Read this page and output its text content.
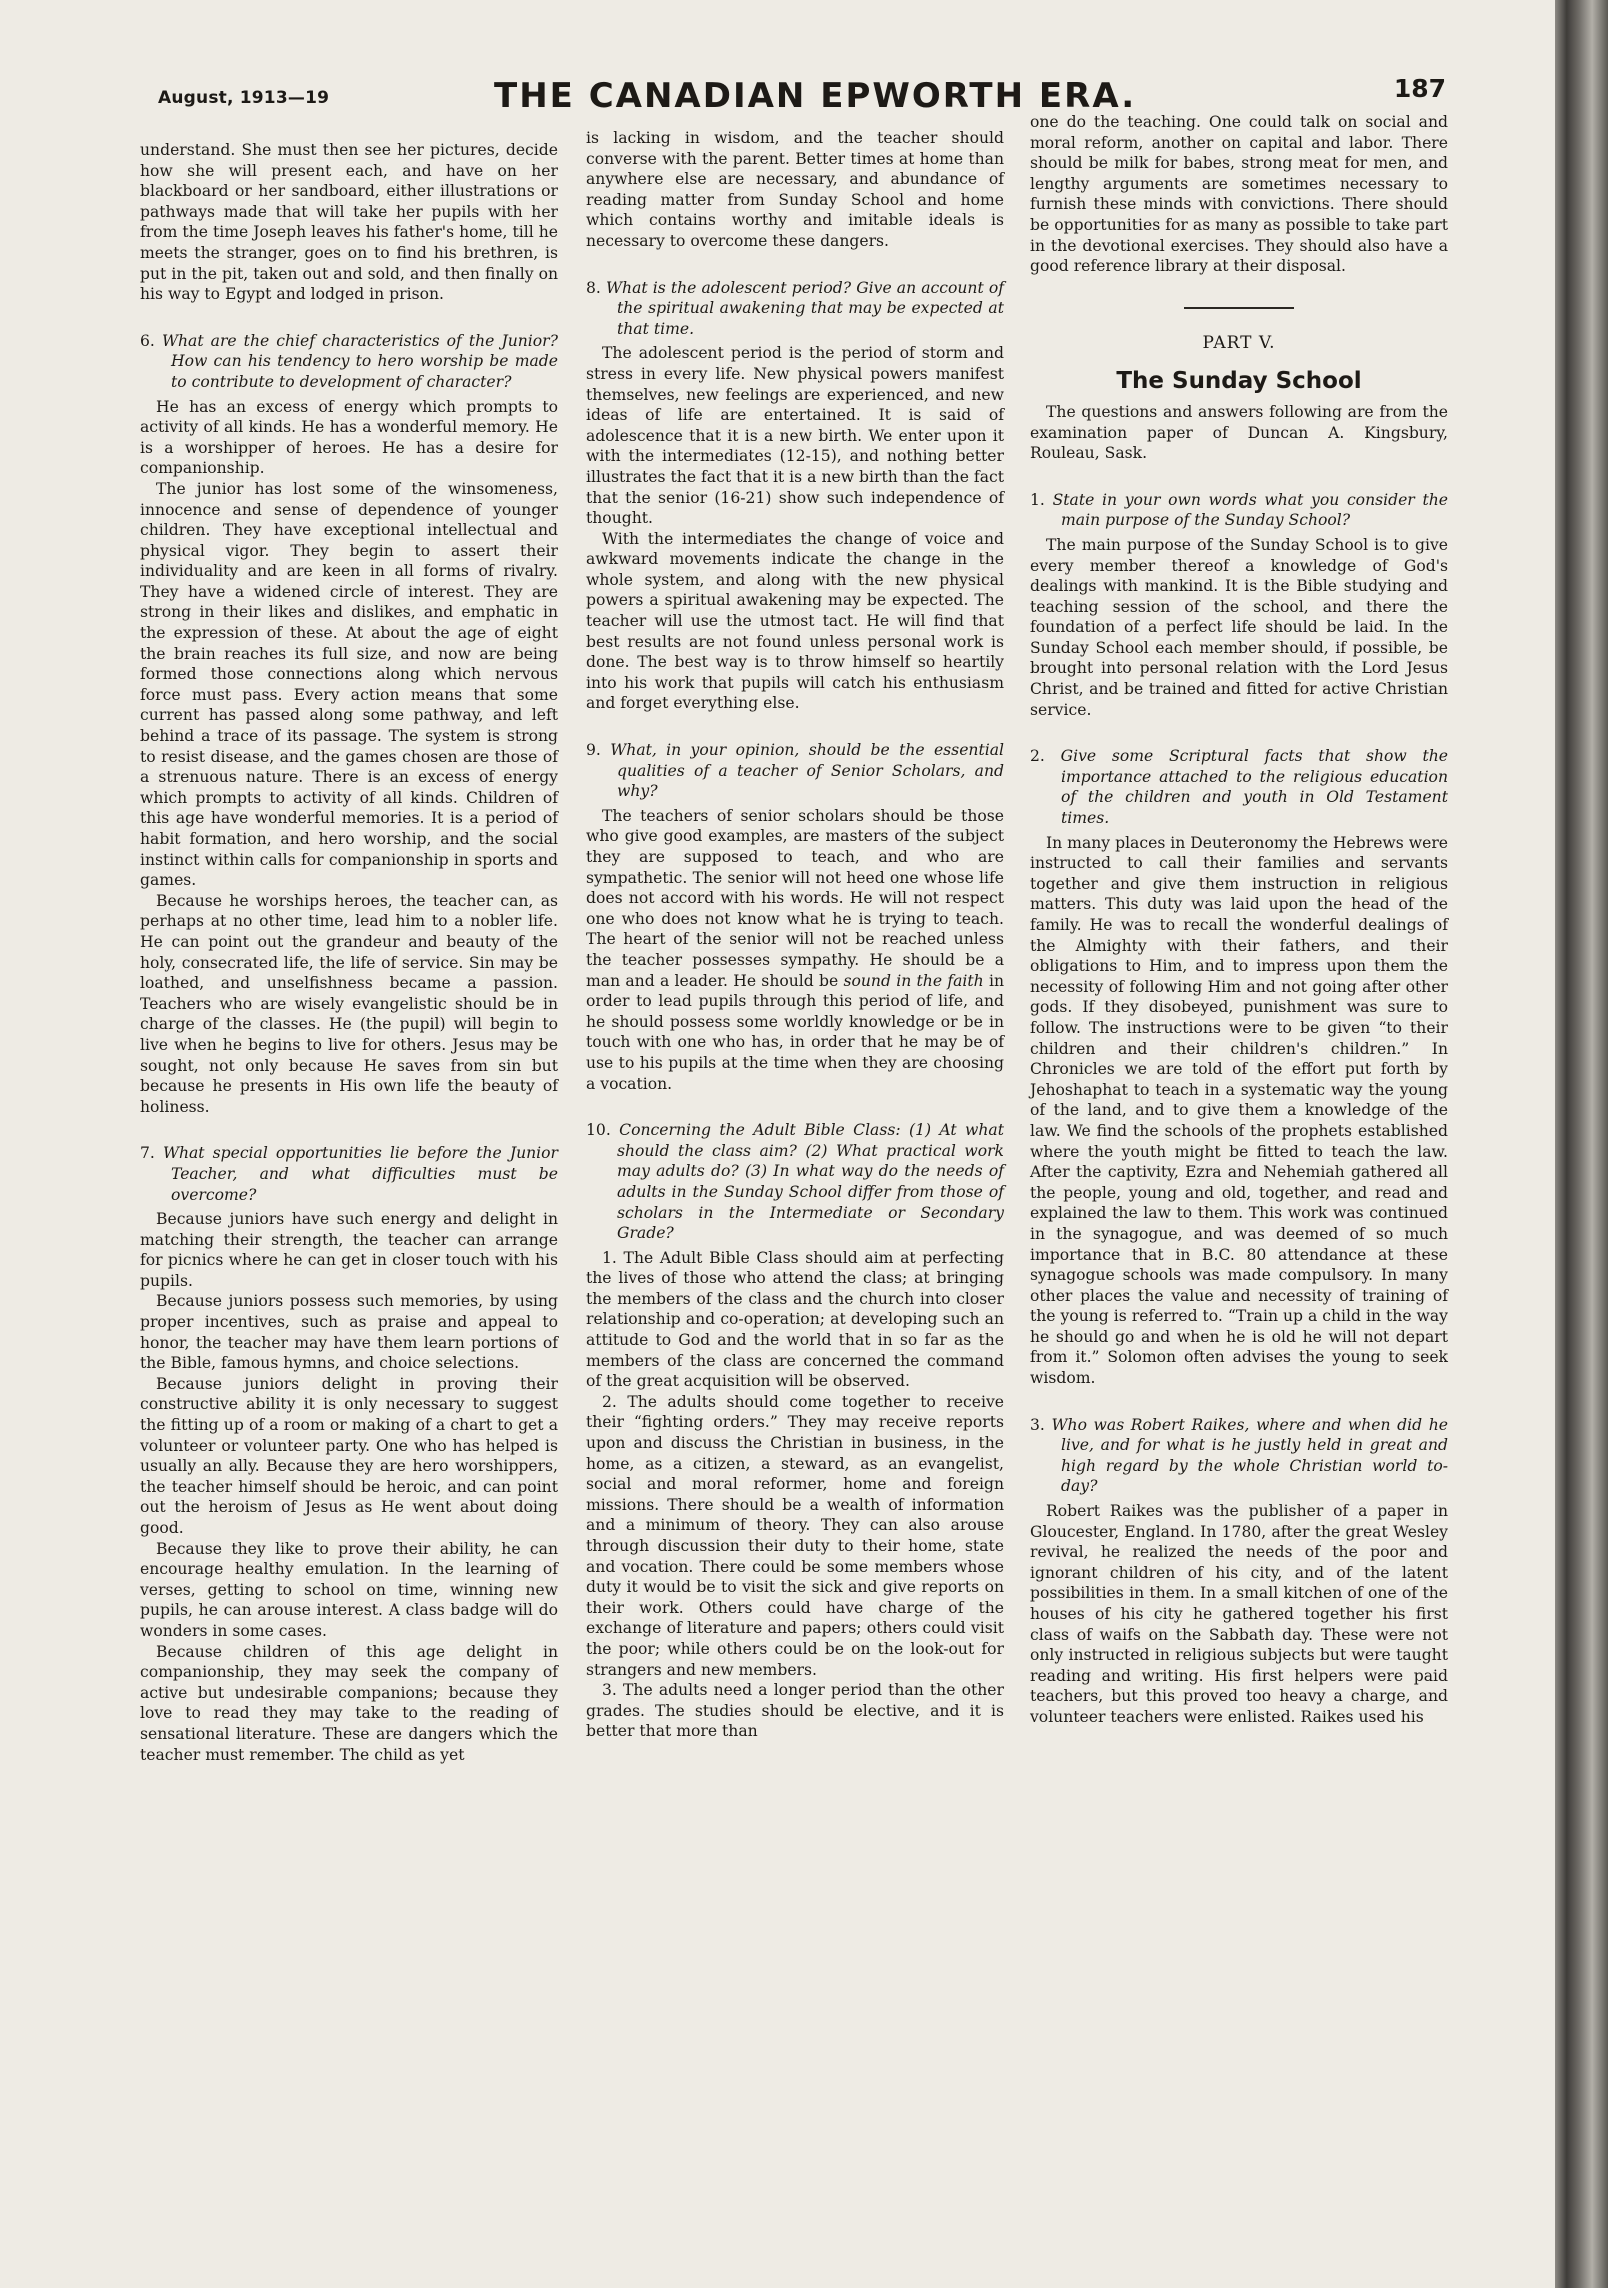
August, 1913—19	THE CANADIAN EPWORTH ERA.	187

understand. She must then see her pictures, decide how she will present each, and have on her blackboard or her sandboard, either illustrations or pathways made that will take her pupils with her from the time Joseph leaves his father's home, till he meets the stranger, goes on to find his brethren, is put in the pit, taken out and sold, and then finally on his way to Egypt and lodged in prison.

6. What are the chief characteristics of the Junior? How can his tendency to hero worship be made to contribute to development of character?

He has an excess of energy which prompts to activity of all kinds. He has a wonderful memory. He is a worshipper of heroes. He has a desire for companionship.

The junior has lost some of the winsomeness, innocence and sense of dependence of younger children. They have exceptional intellectual and physical vigor. They begin to assert their individuality and are keen in all forms of rivalry. They have a widened circle of interest. They are strong in their likes and dislikes, and emphatic in the expression of these. At about the age of eight the brain reaches its full size, and now are being formed those connections along which nervous force must pass. Every action means that some current has passed along some pathway, and left behind a trace of its passage. The system is strong to resist disease, and the games chosen are those of a strenuous nature. There is an excess of energy which prompts to activity of all kinds. Children of this age have wonderful memories. It is a period of habit formation, and hero worship, and the social instinct within calls for companionship in sports and games.

Because he worships heroes, the teacher can, as perhaps at no other time, lead him to a nobler life. He can point out the grandeur and beauty of the holy, consecrated life, the life of service. Sin may be loathed, and unselfishness became a passion. Teachers who are wisely evangelistic should be in charge of the classes. He (the pupil) will begin to live when he begins to live for others. Jesus may be sought, not only because He saves from sin but because he presents in His own life the beauty of holiness.

7. What special opportunities lie before the Junior Teacher, and what difficulties must be overcome?

Because juniors have such energy and delight in matching their strength, the teacher can arrange for picnics where he can get in closer touch with his pupils.

Because juniors possess such memories, by using proper incentives, such as praise and appeal to honor, the teacher may have them learn portions of the Bible, famous hymns, and choice selections.

Because juniors delight in proving their constructive ability it is only necessary to suggest the fitting up of a room or making of a chart to get a volunteer or volunteer party. One who has helped is usually an ally. Because they are hero worshippers, the teacher himself should be heroic, and can point out the heroism of Jesus as He went about doing good.

Because they like to prove their ability, he can encourage healthy emulation. In the learning of verses, getting to school on time, winning new pupils, he can arouse interest. A class badge will do wonders in some cases.

Because children of this age delight in companionship, they may seek the company of active but undesirable companions; because they love to read they may take to the reading of sensational literature. These are dangers which the teacher must remember. The child as yet

is lacking in wisdom, and the teacher should converse with the parent. Better times at home than anywhere else are necessary, and abundance of reading matter from Sunday School and home which contains worthy and imitable ideals is necessary to overcome these dangers.

8. What is the adolescent period? Give an account of the spiritual awakening that may be expected at that time.

The adolescent period is the period of storm and stress in every life. New physical powers manifest themselves, new feelings are experienced, and new ideas of life are entertained. It is said of adolescence that it is a new birth. We enter upon it with the intermediates (12-15), and nothing better illustrates the fact that it is a new birth than the fact that the senior (16-21) show such independence of thought.

With the intermediates the change of voice and awkward movements indicate the change in the whole system, and along with the new physical powers a spiritual awakening may be expected. The teacher will use the utmost tact. He will find that best results are not found unless personal work is done. The best way is to throw himself so heartily into his work that pupils will catch his enthusiasm and forget everything else.

9. What, in your opinion, should be the essential qualities of a teacher of Senior Scholars, and why?

The teachers of senior scholars should be those who give good examples, are masters of the subject they are supposed to teach, and who are sympathetic. The senior will not heed one whose life does not accord with his words. He will not respect one who does not know what he is trying to teach. The heart of the senior will not be reached unless the teacher possesses sympathy. He should be a man and a leader. He should be sound in the faith in order to lead pupils through this period of life, and he should possess some worldly knowledge or be in touch with one who has, in order that he may be of use to his pupils at the time when they are choosing a vocation.

10. Concerning the Adult Bible Class: (1) At what should the class aim? (2) What practical work may adults do? (3) In what way do the needs of adults in the Sunday School differ from those of scholars in the Intermediate or Secondary Grade?

1. The Adult Bible Class should aim at perfecting the lives of those who attend the class; at bringing the members of the class and the church into closer relationship and co-operation; at developing such an attitude to God and the world that in so far as the members of the class are concerned the command of the great acquisition will be observed.

2. The adults should come together to receive their “fighting orders.” They may receive reports upon and discuss the Christian in business, in the home, as a citizen, a steward, as an evangelist, social and moral reformer, home and foreign missions. There should be a wealth of information and a minimum of theory. They can also arouse through discussion their duty to their home, state and vocation. There could be some members whose duty it would be to visit the sick and give reports on their work. Others could have charge of the exchange of literature and papers; others could visit the poor; while others could be on the look-out for strangers and new members.

3. The adults need a longer period than the other grades. The studies should be elective, and it is better that more than

one do the teaching. One could talk on social and moral reform, another on capital and labor. There should be milk for babes, strong meat for men, and lengthy arguments are sometimes necessary to furnish these minds with convictions. There should be opportunities for as many as possible to take part in the devotional exercises. They should also have a good reference library at their disposal.

PART V.
The Sunday School

The questions and answers following are from the examination paper of Duncan A. Kingsbury, Rouleau, Sask.

1. State in your own words what you consider the main purpose of the Sunday School?

The main purpose of the Sunday School is to give every member thereof a knowledge of God's dealings with mankind. It is the Bible studying and teaching session of the school, and there the foundation of a perfect life should be laid. In the Sunday School each member should, if possible, be brought into personal relation with the Lord Jesus Christ, and be trained and fitted for active Christian service.

2. Give some Scriptural facts that show the importance attached to the religious education of the children and youth in Old Testament times.

In many places in Deuteronomy the Hebrews were instructed to call their families and servants together and give them instruction in religious matters. This duty was laid upon the head of the family. He was to recall the wonderful dealings of the Almighty with their fathers, and their obligations to Him, and to impress upon them the necessity of following Him and not going after other gods. If they disobeyed, punishment was sure to follow. The instructions were to be given “to their children and their children's children.” In Chronicles we are told of the effort put forth by Jehoshaphat to teach in a systematic way the young of the land, and to give them a knowledge of the law. We find the schools of the prophets established where the youth might be fitted to teach the law. After the captivity, Ezra and Nehemiah gathered all the people, young and old, together, and read and explained the law to them. This work was continued in the synagogue, and was deemed of so much importance that in B.C. 80 attendance at these synagogue schools was made compulsory. In many other places the value and necessity of training of the young is referred to. “Train up a child in the way he should go and when he is old he will not depart from it.” Solomon often advises the young to seek wisdom.

3. Who was Robert Raikes, where and when did he live, and for what is he justly held in great and high regard by the whole Christian world to-day?

Robert Raikes was the publisher of a paper in Gloucester, England. In 1780, after the great Wesley revival, he realized the needs of the poor and ignorant children of his city, and of the latent possibilities in them. In a small kitchen of one of the houses of his city he gathered together his first class of waifs on the Sabbath day. These were not only instructed in religious subjects but were taught reading and writing. His first helpers were paid teachers, but this proved too heavy a charge, and volunteer teachers were enlisted. Raikes used his
